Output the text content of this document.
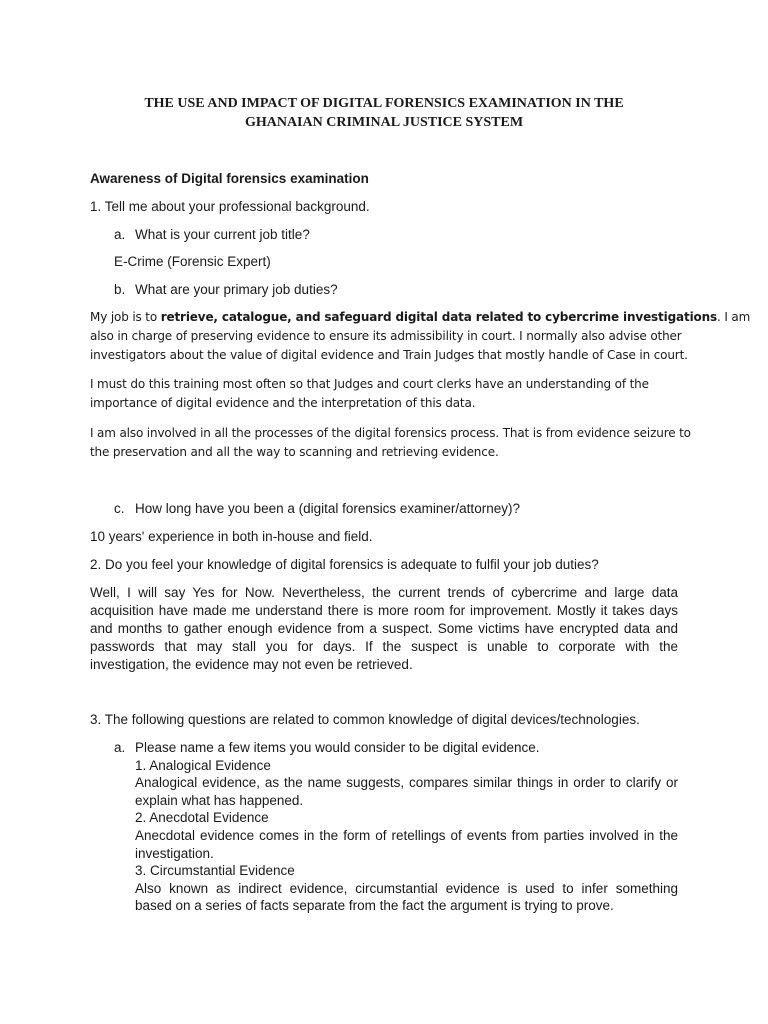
THE USE AND IMPACT OF DIGITAL FORENSICS EXAMINATION IN THE
GHANAIAN CRIMINAL JUSTICE SYSTEM
Awareness of Digital forensics examination
1. Tell me about your professional background.
a. What is your current job title?
E-Crime (Forensic Expert)
b. What are your primary job duties?
My job is to retrieve, catalogue, and safeguard digital data related to cybercrime investigations. I am
also in charge of preserving evidence to ensure its admissibility in court. I normally also advise other
investigators about the value of digital evidence and Train Judges that mostly handle of Case in court.
I must do this training most often so that Judges and court clerks have an understanding of the
importance of digital evidence and the interpretation of this data.
I am also involved in all the processes of the digital forensics process. That is from evidence seizure to
the preservation and all the way to scanning and retrieving evidence.
c. How long have you been a (digital forensics examiner/attorney)?
10 years' experience in both in-house and field.
2. Do you feel your knowledge of digital forensics is adequate to fulfil your job duties?
Well, I will say Yes for Now. Nevertheless, the current trends of cybercrime and large data
acquisition have made me understand there is more room for improvement. Mostly it takes days
and months to gather enough evidence from a suspect. Some victims have encrypted data and
passwords that may stall you for days. If the suspect is unable to corporate with the
investigation, the evidence may not even be retrieved.
3. The following questions are related to common knowledge of digital devices/technologies.
a. Please name a few items you would consider to be digital evidence.
1. Analogical Evidence
Analogical evidence, as the name suggests, compares similar things in order to clarify or
explain what has happened.
2. Anecdotal Evidence
Anecdotal evidence comes in the form of retellings of events from parties involved in the
investigation.
3. Circumstantial Evidence
Also known as indirect evidence, circumstantial evidence is used to infer something
based on a series of facts separate from the fact the argument is trying to prove.
